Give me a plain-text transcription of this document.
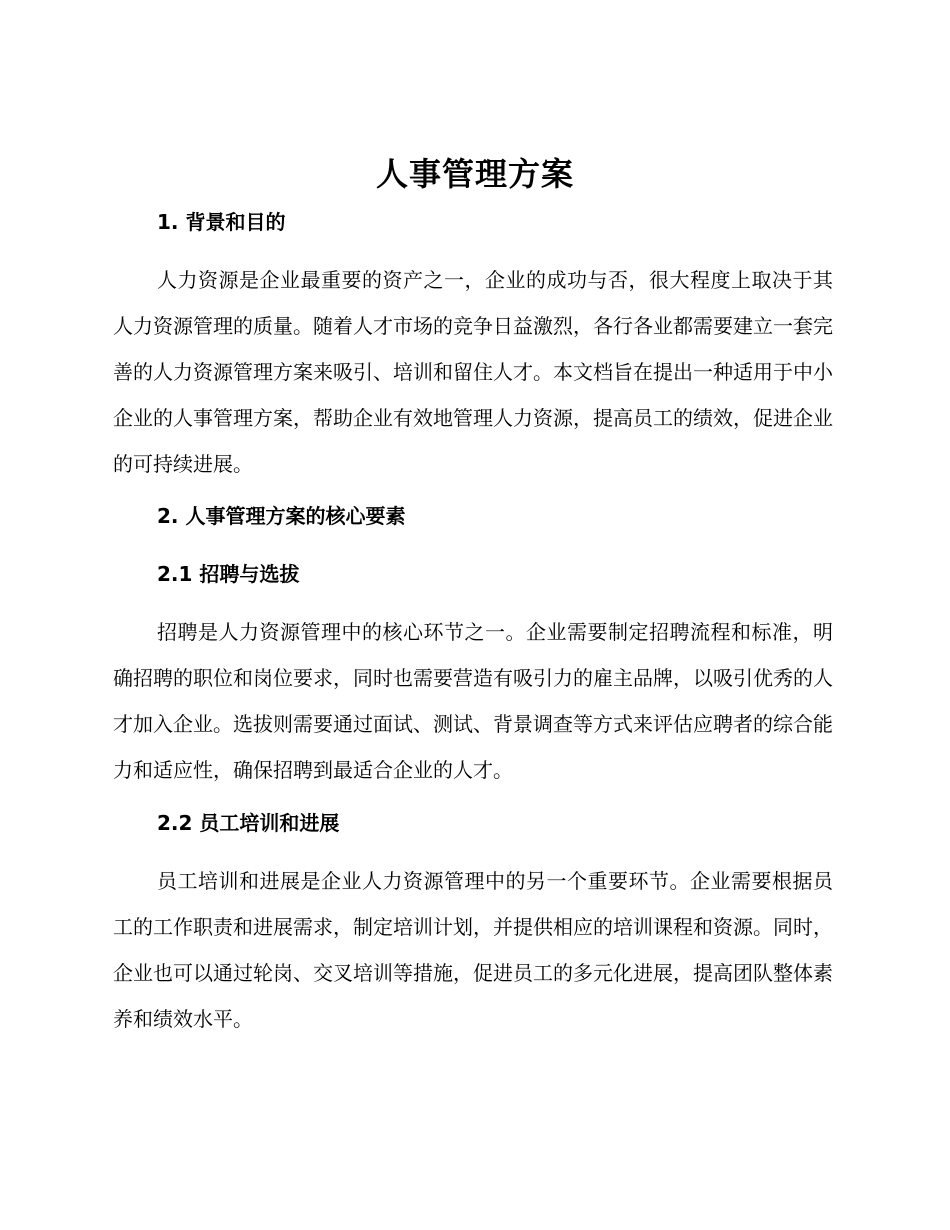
人事管理方案
1. 背景和目的
人力资源是企业最重要的资产之一，企业的成功与否，很大程度上取决于其人力资源管理的质量。随着人才市场的竞争日益激烈，各行各业都需要建立一套完善的人力资源管理方案来吸引、培训和留住人才。本文档旨在提出一种适用于中小企业的人事管理方案，帮助企业有效地管理人力资源，提高员工的绩效，促进企业的可持续进展。
2. 人事管理方案的核心要素
2.1 招聘与选拔
招聘是人力资源管理中的核心环节之一。企业需要制定招聘流程和标准，明确招聘的职位和岗位要求，同时也需要营造有吸引力的雇主品牌，以吸引优秀的人才加入企业。选拔则需要通过面试、测试、背景调查等方式来评估应聘者的综合能力和适应性，确保招聘到最适合企业的人才。
2.2 员工培训和进展
员工培训和进展是企业人力资源管理中的另一个重要环节。企业需要根据员工的工作职责和进展需求，制定培训计划，并提供相应的培训课程和资源。同时，企业也可以通过轮岗、交叉培训等措施，促进员工的多元化进展，提高团队整体素养和绩效水平。
